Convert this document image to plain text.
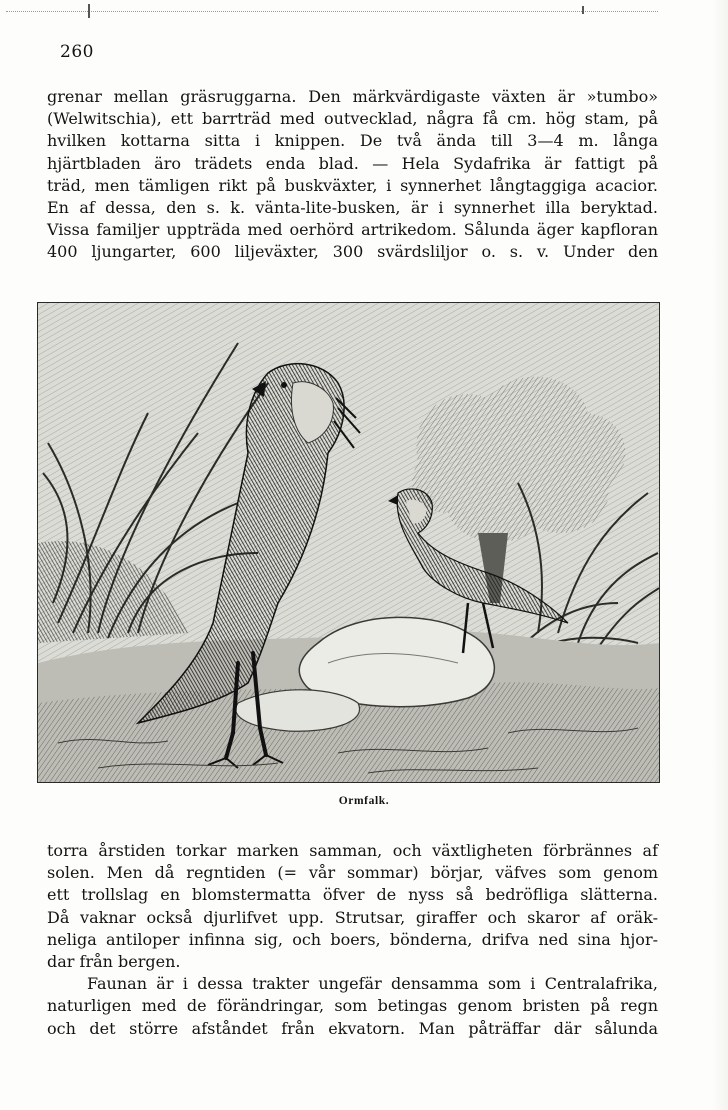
260
grenar mellan gräsruggarna. Den märkvärdigaste växten är »tumbo»
(Welwitschia), ett barrträd med outvecklad, några få cm. hög stam, på
hvilken kottarna sitta i knippen. De två ända till 3—4 m. långa
hjärtbladen äro trädets enda blad. — Hela Sydafrika är fattigt på
träd, men tämligen rikt på buskväxter, i synnerhet långtaggiga acacior.
En af dessa, den s. k. vänta-lite-busken, är i synnerhet illa beryktad.
Vissa familjer uppträda med oerhörd artrikedom. Sålunda äger kapfloran
400 ljungarter, 600 liljeväxter, 300 svärdsliljor o. s. v. Under den
Ormfalk.
torra årstiden torkar marken samman, och växtligheten förbrännes af
solen. Men då regntiden (= vår sommar) börjar, väfves som genom
ett trollslag en blomstermatta öfver de nyss så bedröfliga slätterna.
Då vaknar också djurlifvet upp. Strutsar, giraffer och skaror af oräk-
neliga antiloper infinna sig, och boers, bönderna, drifva ned sina hjor-
dar från bergen.
Faunan är i dessa trakter ungefär densamma som i Centralafrika,
naturligen med de förändringar, som betingas genom bristen på regn
och det större afståndet från ekvatorn. Man påträffar där sålunda
